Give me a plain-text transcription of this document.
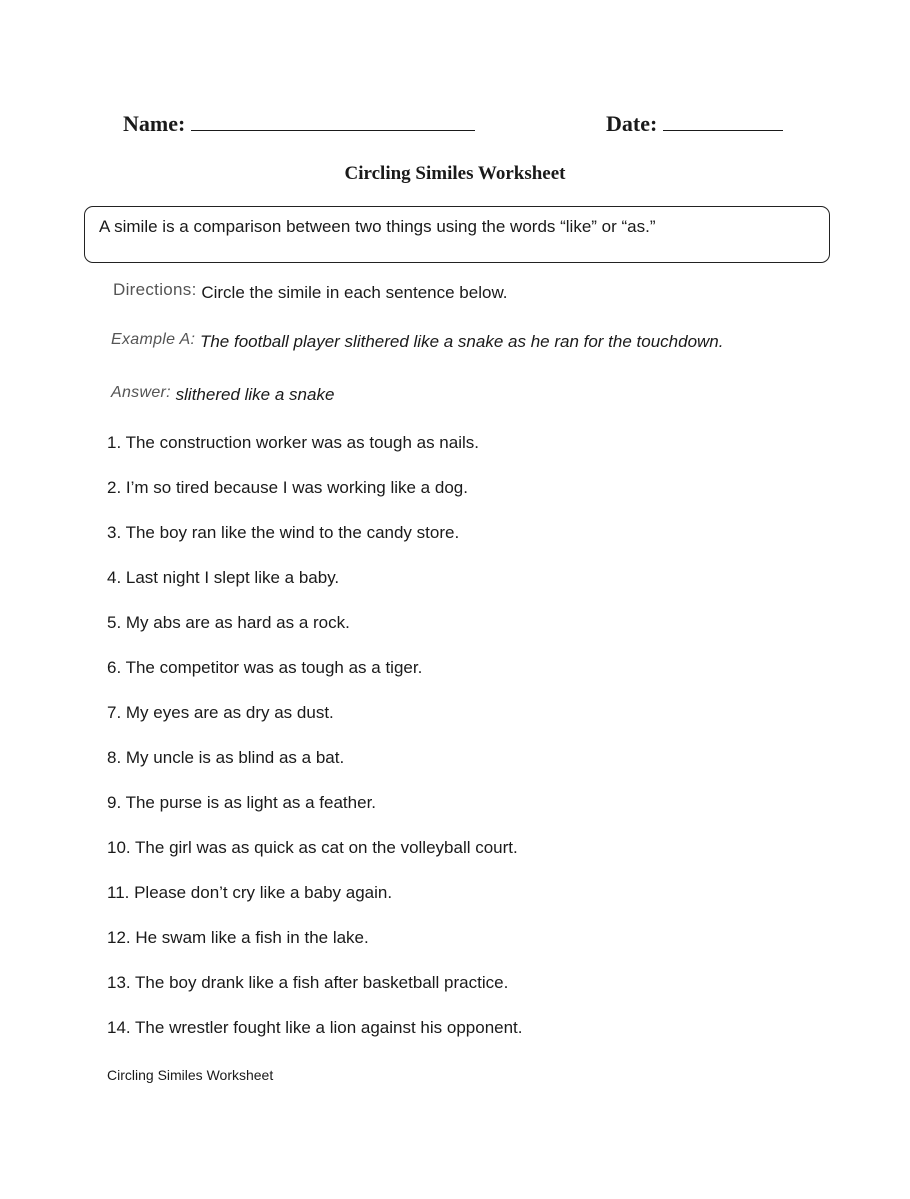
Name:	Date:
Circling Similes Worksheet
A simile is a comparison between two things using the words “like” or “as.”
Directions: Circle the simile in each sentence below.
Example A: The football player slithered like a snake as he ran for the touchdown.
Answer: slithered like a snake
1. The construction worker was as tough as nails.
2. I’m so tired because I was working like a dog.
3. The boy ran like the wind to the candy store.
4. Last night I slept like a baby.
5. My abs are as hard as a rock.
6. The competitor was as tough as a tiger.
7. My eyes are as dry as dust.
8. My uncle is as blind as a bat.
9. The purse is as light as a feather.
10. The girl was as quick as cat on the volleyball court.
11. Please don’t cry like a baby again.
12. He swam like a fish in the lake.
13. The boy drank like a fish after basketball practice.
14. The wrestler fought like a lion against his opponent.
Circling Similes Worksheet
